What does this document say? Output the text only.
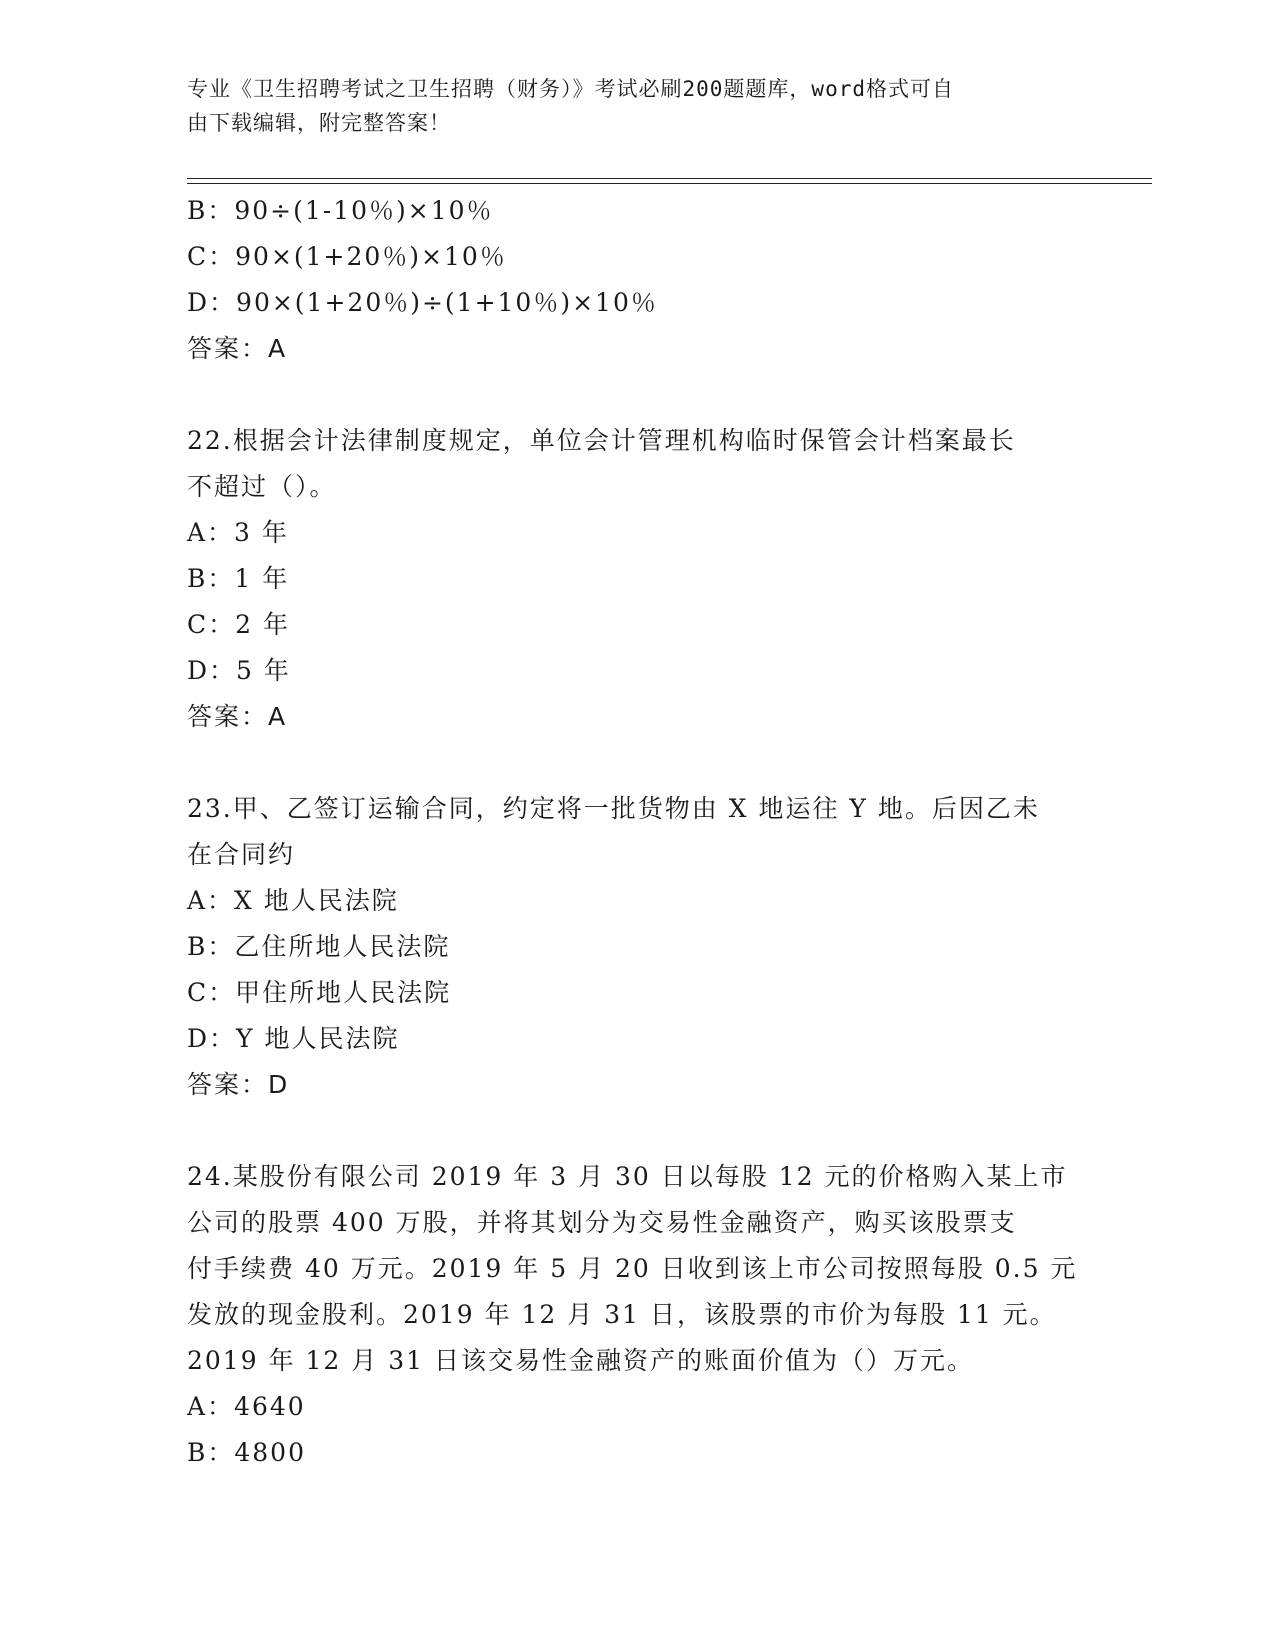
专业《卫生招聘考试之卫生招聘（财务）》考试必刷200题题库，word格式可自
由下载编辑，附完整答案！
B：90÷(1-10％)×10％
C：90×(1+20％)×10％
D：90×(1+20％)÷(1+10％)×10％
答案：A
22.根据会计法律制度规定，单位会计管理机构临时保管会计档案最长
不超过（）。
A：3 年
B：1 年
C：2 年
D：5 年
答案：A
23.甲、乙签订运输合同，约定将一批货物由 X 地运往 Y 地。后因乙未
在合同约
A：X 地人民法院
B：乙住所地人民法院
C：甲住所地人民法院
D：Y 地人民法院
答案：D
24.某股份有限公司 2019 年 3 月 30 日以每股 12 元的价格购入某上市
公司的股票 400 万股，并将其划分为交易性金融资产，购买该股票支
付手续费 40 万元。2019 年 5 月 20 日收到该上市公司按照每股 0.5 元
发放的现金股利。2019 年 12 月 31 日，该股票的市价为每股 11 元。
2019 年 12 月 31 日该交易性金融资产的账面价值为（）万元。
A：4640
B：4800
